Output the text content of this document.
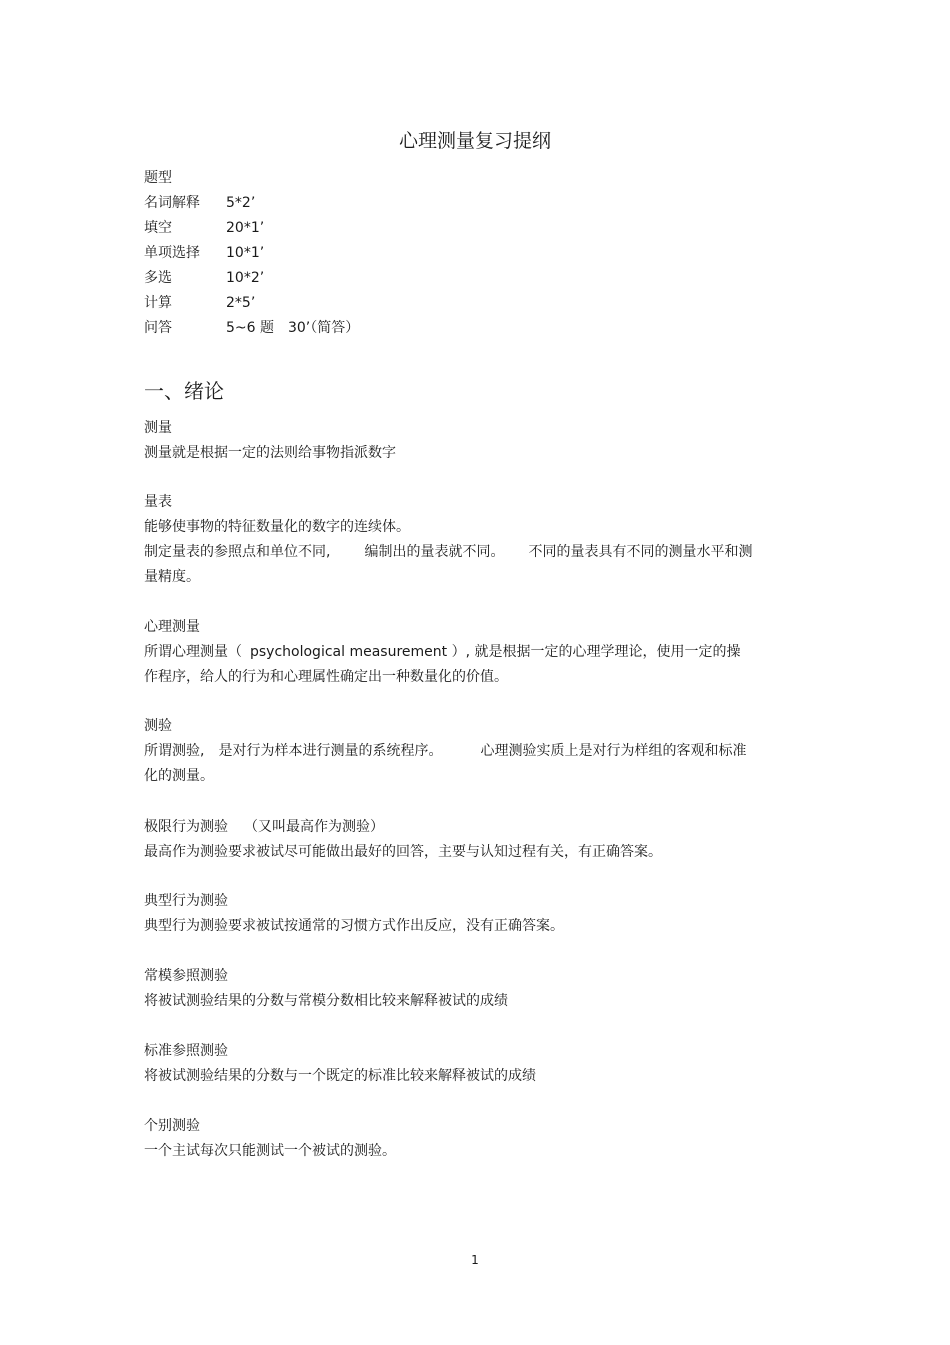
心理测量复习提纲
题型
名词解释 5*2’
填空	20*1’
单项选择 10*1’
多选	10*2’
计算	2*5’
问答	5~6 题　30’（简答）
一、绪论
测量
测量就是根据一定的法则给事物指派数字
量表
能够使事物的特征数量化的数字的连续体。
制定量表的参照点和单位不同, 编制出的量表就不同。 不同的量表具有不同的测量水平和测
量精度。
心理测量
所谓心理测量（ psychological measurement ）, 就是根据一定的心理学理论，使用一定的操
作程序，给人的行为和心理属性确定出一种数量化的价值。
测验
所谓测验, 是对行为样本进行测量的系统程序。	心理测验实质上是对行为样组的客观和标准
化的测量。
极限行为测验 （又叫最高作为测验）
最高作为测验要求被试尽可能做出最好的回答，主要与认知过程有关，有正确答案。
典型行为测验
典型行为测验要求被试按通常的习惯方式作出反应，没有正确答案。
常模参照测验
将被试测验结果的分数与常模分数相比较来解释被试的成绩
标准参照测验
将被试测验结果的分数与一个既定的标准比较来解释被试的成绩
个别测验
一个主试每次只能测试一个被试的测验。
1
